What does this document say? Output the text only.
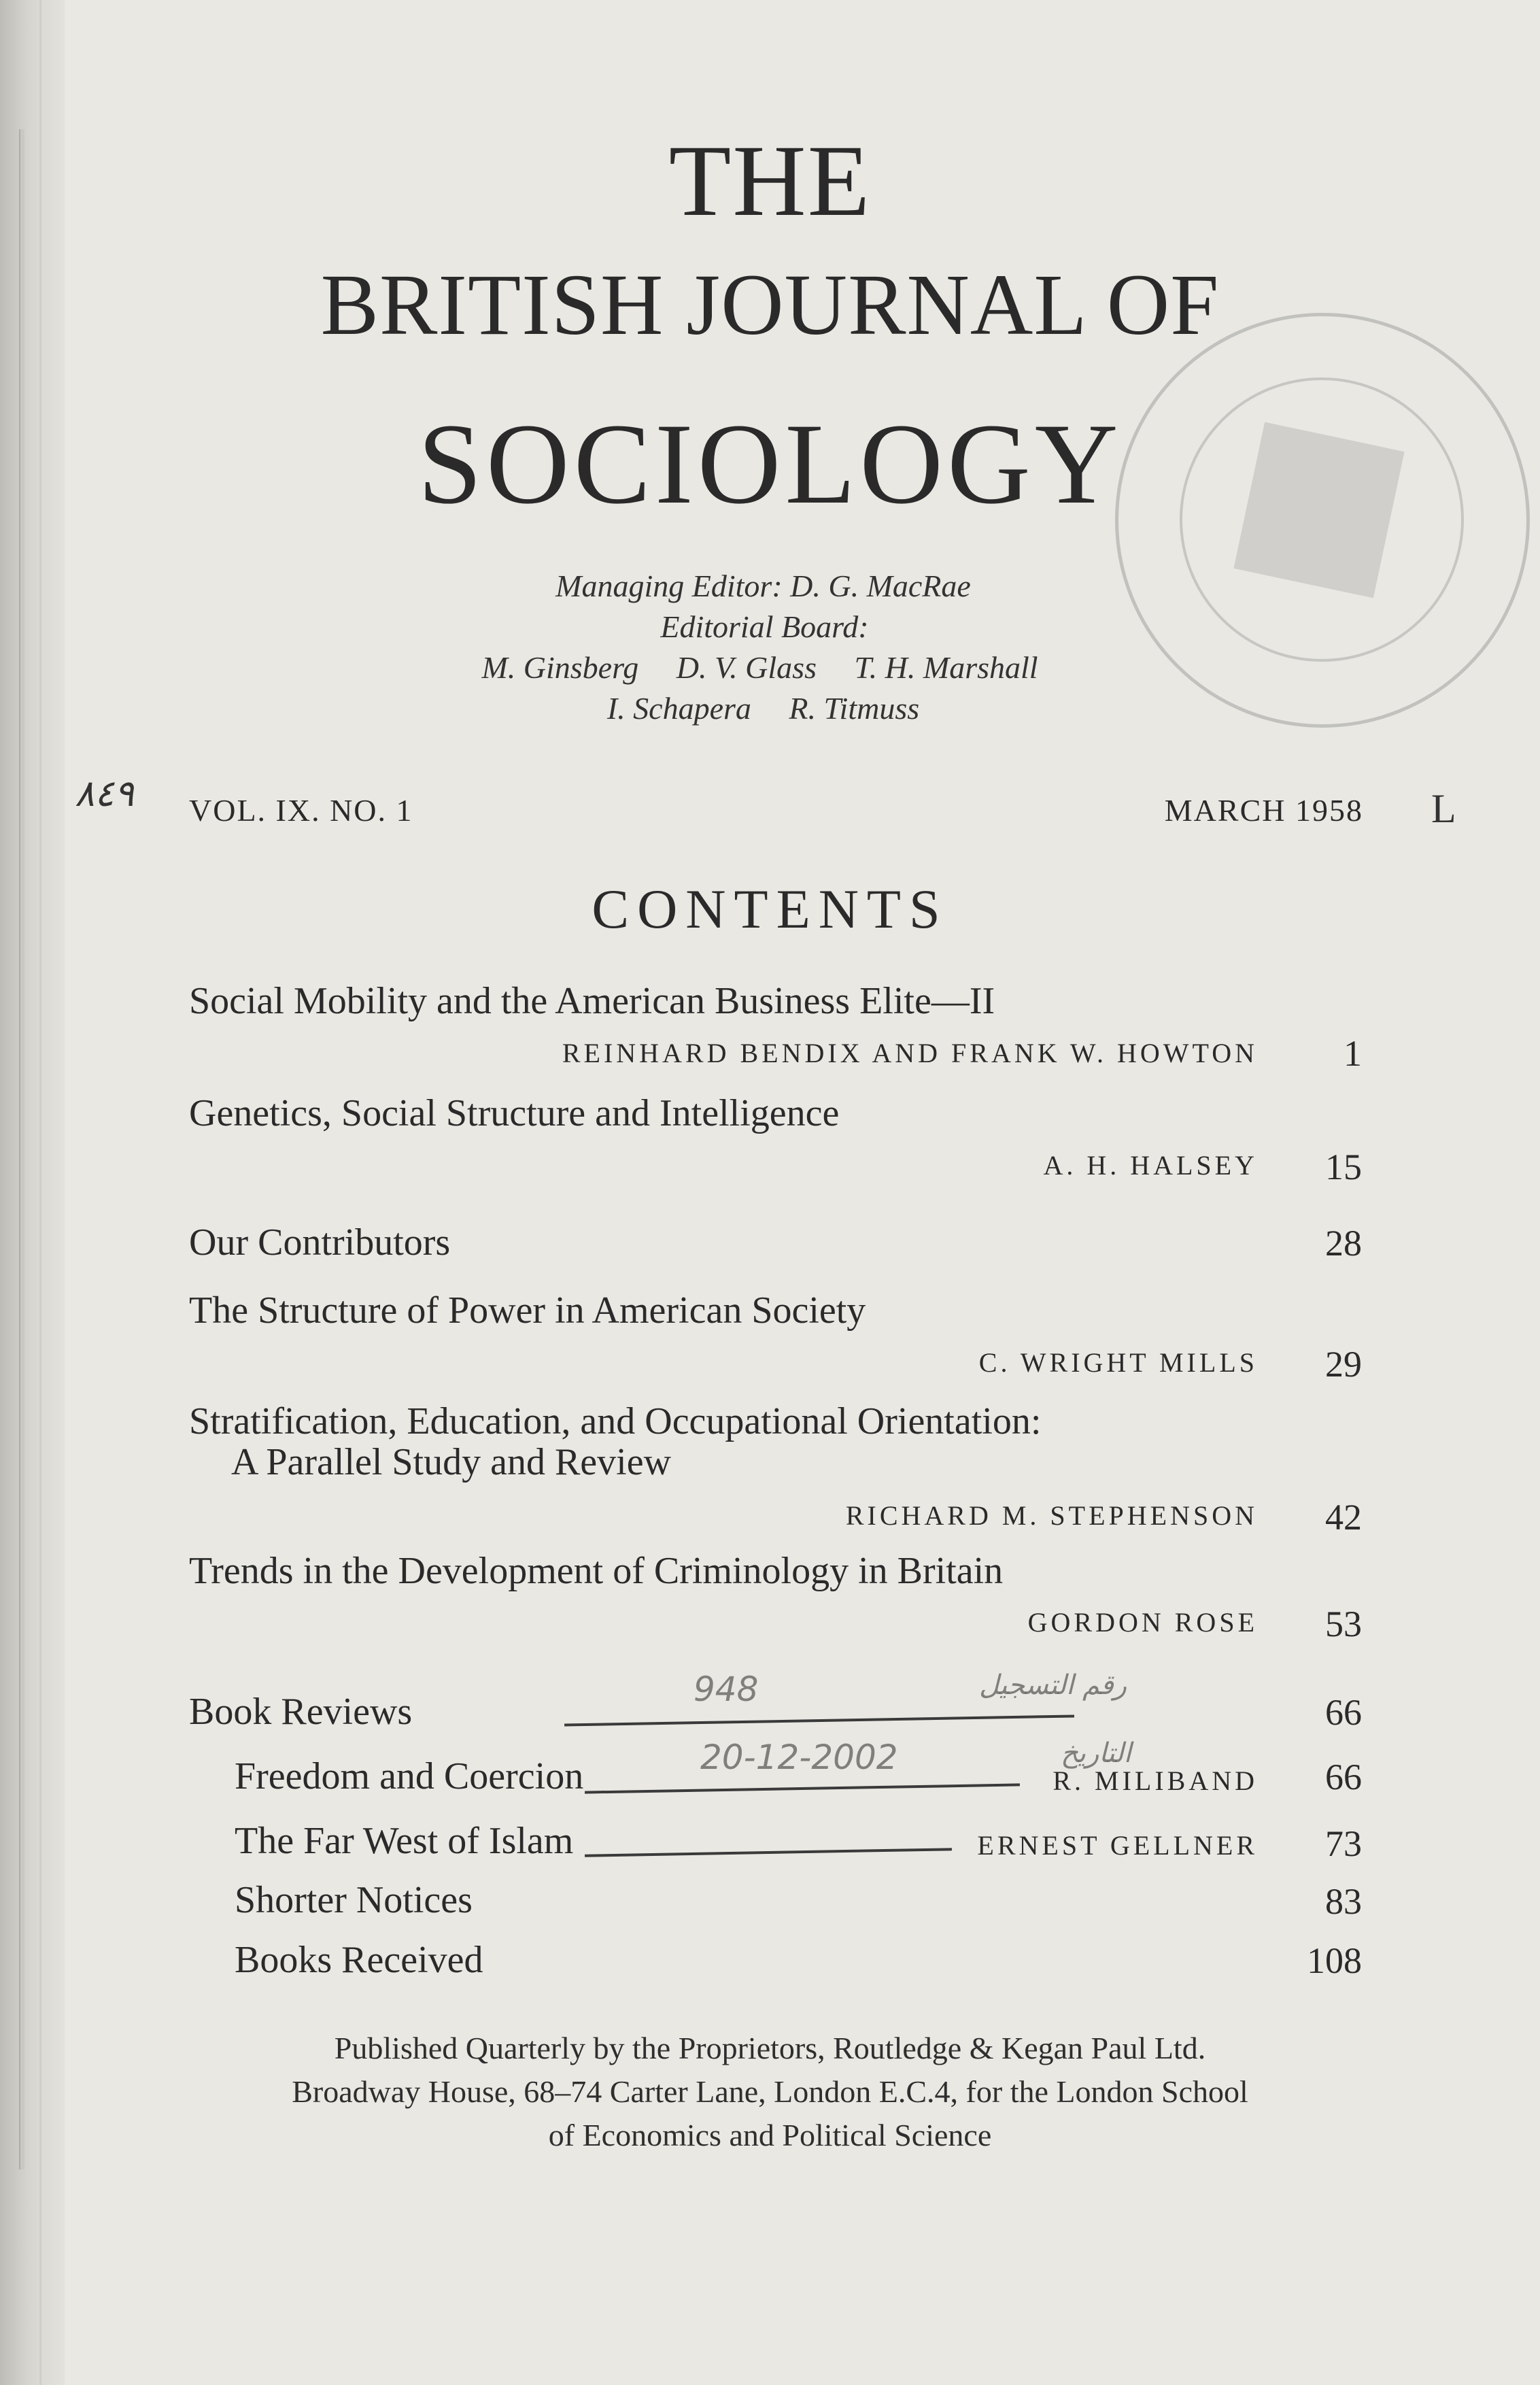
THE
BRITISH JOURNAL OF
SOCIOLOGY
Managing Editor: D. G. MacRae
Editorial Board:
M. Ginsberg D. V. Glass T. H. Marshall
I. Schapera R. Titmuss
٨٤٩ VOL. IX. NO. 1	MARCH 1958 L
CONTENTS
Social Mobility and the American Business Elite—II
REINHARD BENDIX AND FRANK W. HOWTON	1
Genetics, Social Structure and Intelligence
A. H. HALSEY	15
Our Contributors	28
The Structure of Power in American Society
C. WRIGHT MILLS	29
Stratification, Education, and Occupational Orientation:
A Parallel Study and Review
RICHARD M. STEPHENSON	42
Trends in the Development of Criminology in Britain
GORDON ROSE	53
Book Reviews	66
Freedom and Coercion	R. MILIBAND	66
The Far West of Islam	ERNEST GELLNER	73
Shorter Notices	83
Books Received	108
948	رقم التسجيل
20-12-2002	التاريخ
Published Quarterly by the Proprietors, Routledge & Kegan Paul Ltd.
Broadway House, 68–74 Carter Lane, London E.C.4, for the London School
of Economics and Political Science
